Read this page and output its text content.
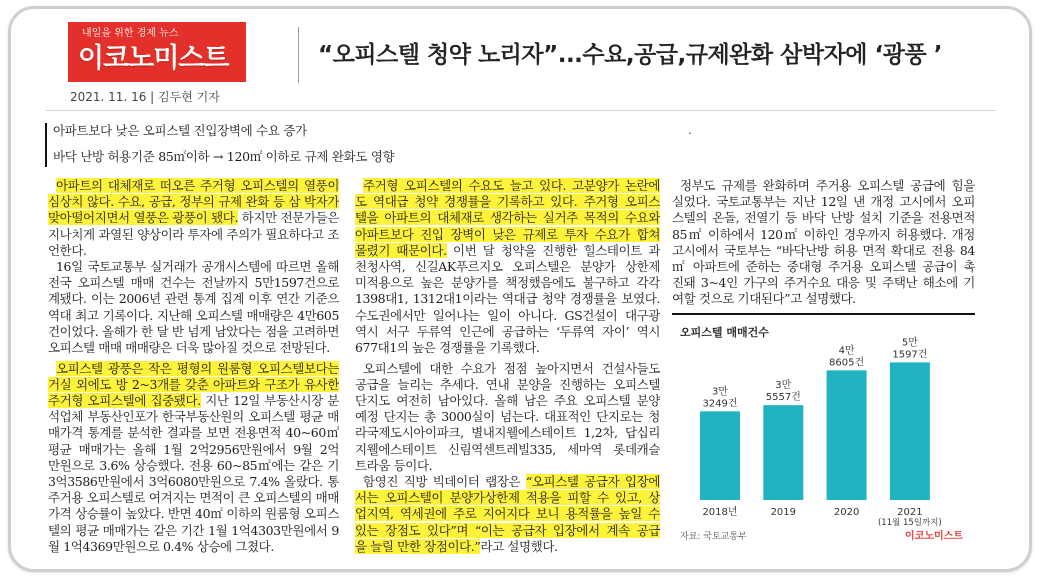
내일을 위한 경제 뉴스
이코노미스트	“오피스텔 청약 노리자”...수요,공급,규제완화 삼박자에 ‘광풍 ’
2021. 11. 16 | 김두현 기자
아파트보다 낮은 오피스텔 진입장벽에 수요 증가
바닥 난방 허용기준 85㎡이하 → 120㎡ 이하로 규제 완화도 영향
.
아파트의 대체재로 떠오른 주거형 오피스텔의 열풍이
심상치 않다. 수요, 공급, 정부의 규제 완화 등 삼 박자가
맞아떨어지면서 열풍은 광풍이 됐다. 하지만 전문가들은
지나치게 과열된 양상이라 투자에 주의가 필요하다고 조
언한다.
16일 국토교통부 실거래가 공개시스템에 따르면 올해
전국 오피스텔 매매 건수는 전날까지 5만1597건으로
계됐다. 이는 2006년 관련 통계 집계 이후 연간 기준으
역대 최고 기록이다. 지난해 오피스텔 매매량은 4만605
건이었다. 올해가 한 달 반 넘게 남았다는 점을 고려하면
오피스텔 매매 매매량은 더욱 많아질 것으로 전망된다.
오피스텔 광풍은 작은 평형의 원룸형 오피스텔보다는
거실 외에도 방 2~3개를 갖춘 아파트와 구조가 유사한
주거형 오피스텔에 집중됐다. 지난 12일 부동산시장 분
석업체 부동산인포가 한국부동산원의 오피스텔 평균 매
매가격 통계를 분석한 결과를 보면 전용면적 40~60㎡
평균 매매가는 올해 1월 2억2956만원에서 9월 2억
만원으로 3.6% 상승했다. 전용 60~85㎡에는 같은 기
3억3586만원에서 3억6080만원으로 7.4% 올랐다. 통
주거용 오피스텔로 여겨지는 면적이 큰 오피스텔의 매매
가격 상승률이 높았다. 반면 40㎡ 이하의 원룸형 오피스
텔의 평균 매매가는 같은 기간 1월 1억4303만원에서 9
월 1억4369만원으로 0.4% 상승에 그쳤다.
주거형 오피스텔의 수요도 늘고 있다. 고분양가 논란에
도 역대급 청약 경쟁률을 기록하고 있다. 주거형 오피스
텔을 아파트의 대체재로 생각하는 실거주 목적의 수요와
아파트보다 진입 장벽이 낮은 규제로 투자 수요가 합쳐
몰렸기 때문이다. 이번 달 청약을 진행한 힐스테이트 과
천청사역, 신길AK푸르지오 오피스텔은 분양가 상한제
미적용으로 높은 분양가를 책정했음에도 불구하고 각각
1398대1, 1312대1이라는 역대급 청약 경쟁률을 보였다.
수도권에서만 일어나는 일이 아니다. GS건설이 대구광
역시 서구 두류역 인근에 공급하는 ‘두류역 자이’ 역시
677대1의 높은 경쟁률을 기록했다.
오피스텔에 대한 수요가 점점 높아지면서 건설사들도
공급을 늘리는 추세다. 연내 분양을 진행하는 오피스텔
단지도 여전히 남아있다. 올해 남은 주요 오피스텔 분양
예정 단지는 총 3000실이 넘는다. 대표적인 단지로는 청
라국제도시아이파크, 별내지웰에스테이트 1,2차, 답십리
지웰에스테이트 신림역센트레빌335, 세마역 롯데캐슬
트라움 등이다.
함영진 직방 빅데이터 랩장은 “오피스텔 공급자 입장에
서는 오피스텔이 분양가상한제 적용을 피할 수 있고, 상
업지역, 역세권에 주로 지어지다 보니 용적률을 높일 수
있는 장점도 있다”며 “이는 공급자 입장에서 계속 공급
을 늘릴 만한 장점이다.”라고 설명했다.
정부도 규제를 완화하며 주거용 오피스텔 공급에 힘을
실었다. 국토교통부는 지난 12일 낸 개정 고시에서 오피
스텔의 온돌, 전열기 등 바닥 난방 설치 기준을 전용면적
85㎡ 이하에서 120㎡ 이하인 경우까지 허용했다. 개정
고시에서 국토부는 “바닥난방 허용 면적 확대로 전용 84
㎡ 아파트에 준하는 중대형 주거용 오피스텔 공급이 촉
진돼 3~4인 가구의 주거수요 대응 및 주택난 해소에 기
여할 것으로 기대된다”고 설명했다.
오피스텔 매매건수
3만
3249건
2018년
3만
5557건
2019
4만
8605건
2020
5만
1597건
2021
(11월 15일까지)
자료: 국토교통부	이코노미스트
